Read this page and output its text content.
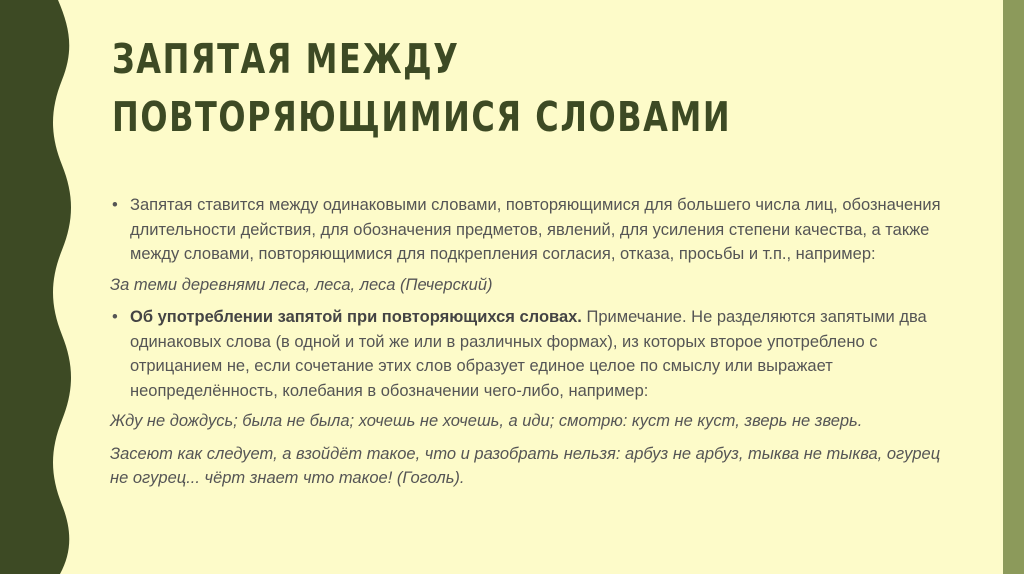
ЗАПЯТАЯ МЕЖДУ
ПОВТОРЯЮЩИМИСЯ СЛОВАМИ

• Запятая ставится между одинаковыми словами, повторяющимися для большего числа лиц, обозначения длительности действия, для обозначения предметов, явлений, для усиления степени качества, а также между словами, повторяющимися для подкрепления согласия, отказа, просьбы и т.п., например:

За теми деревнями леса, леса, леса (Печерский)

• Об употреблении запятой при повторяющихся словах. Примечание. Не разделяются запятыми два одинаковых слова (в одной и той же или в различных формах), из которых второе употреблено с отрицанием не, если сочетание этих слов образует единое целое по смыслу или выражает неопределённость, колебания в обозначении чего-либо, например:

Жду не дождусь; была не была; хочешь не хочешь, а иди; смотрю: куст не куст, зверь не зверь.

Засеют как следует, а взойдёт такое, что и разобрать нельзя: арбуз не арбуз, тыква не тыква, огурец не огурец... чёрт знает что такое! (Гоголь).
